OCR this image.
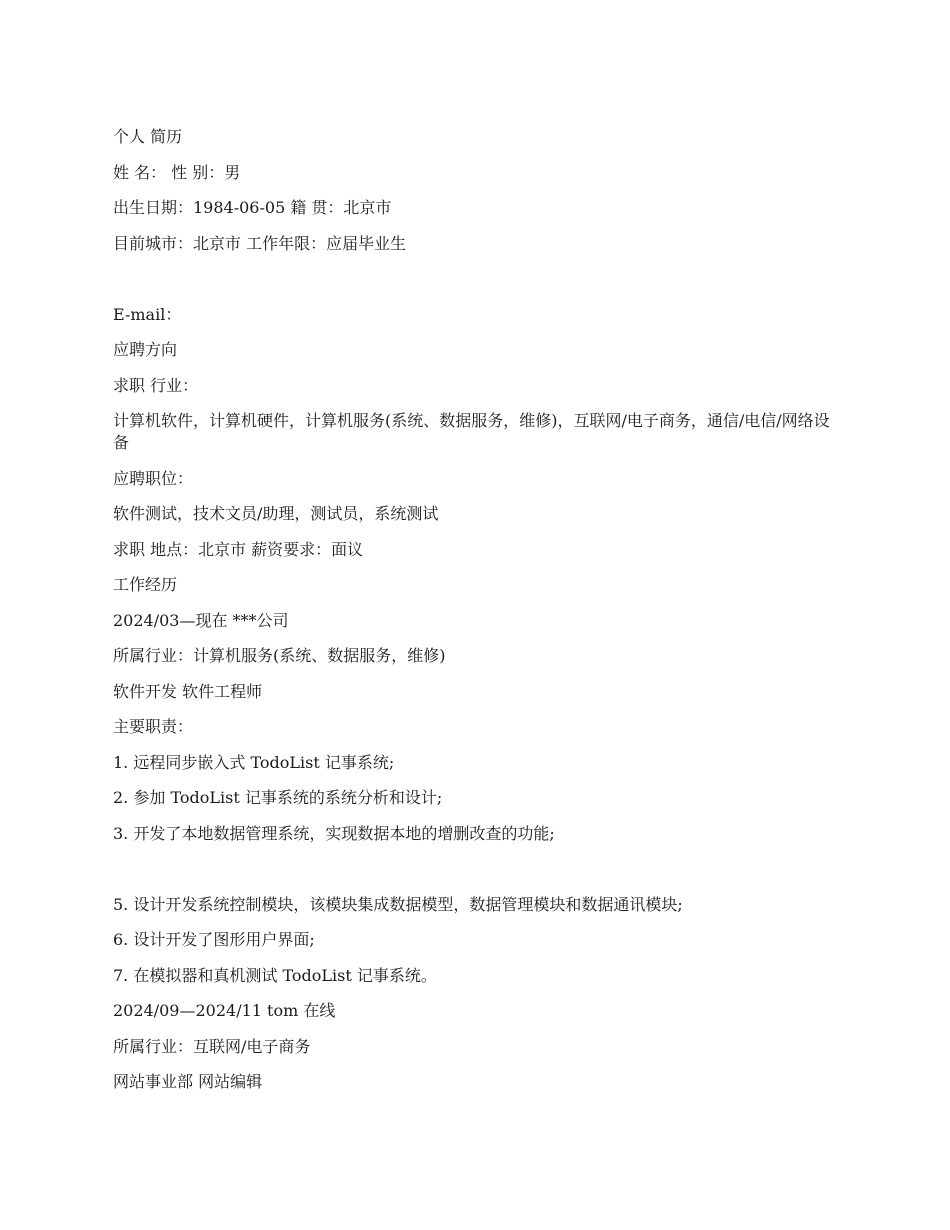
个人 简历
姓 名： 性 别：男
出生日期：1984-06-05 籍 贯：北京市
目前城市：北京市 工作年限：应届毕业生
E-mail：
应聘方向
求职 行业：
计算机软件，计算机硬件，计算机服务(系统、数据服务，维修)，互联网/电子商务，通信/电信/网络设备
应聘职位：
软件测试，技术文员/助理，测试员，系统测试
求职 地点：北京市 薪资要求：面议
工作经历
2024/03—现在 ***公司
所属行业：计算机服务(系统、数据服务，维修)
软件开发 软件工程师
主要职责：
1. 远程同步嵌入式 TodoList 记事系统;
2. 参加 TodoList 记事系统的系统分析和设计;
3. 开发了本地数据管理系统，实现数据本地的增删改查的功能;
5. 设计开发系统控制模块，该模块集成数据模型，数据管理模块和数据通讯模块;
6. 设计开发了图形用户界面;
7. 在模拟器和真机测试 TodoList 记事系统。
2024/09—2024/11 tom 在线
所属行业：互联网/电子商务
网站事业部 网站编辑
